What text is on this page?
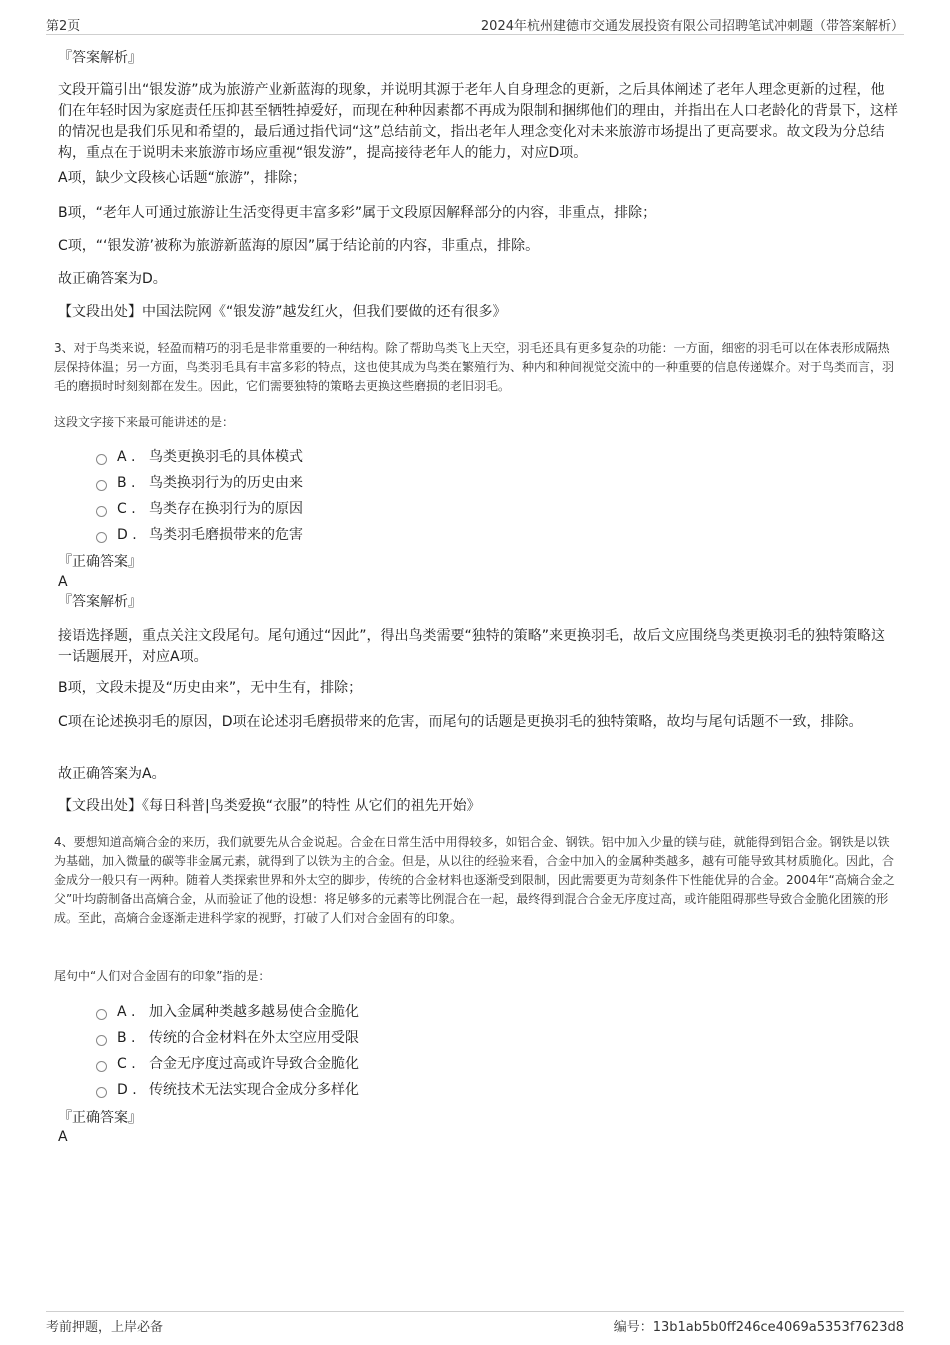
第2页	2024年杭州建德市交通发展投资有限公司招聘笔试冲刺题（带答案解析）
『答案解析』
文段开篇引出“银发游”成为旅游产业新蓝海的现象，并说明其源于老年人自身理念的更新，之后具体阐述了老年人理念更新的过程，他们在年轻时因为家庭责任压抑甚至牺牲掉爱好，而现在种种因素都不再成为限制和捆绑他们的理由，并指出在人口老龄化的背景下，这样的情况也是我们乐见和希望的，最后通过指代词“这”总结前文，指出老年人理念变化对未来旅游市场提出了更高要求。故文段为分总结构，重点在于说明未来旅游市场应重视“银发游”，提高接待老年人的能力，对应D项。
A项，缺少文段核心话题“旅游”，排除；
B项，“老年人可通过旅游让生活变得更丰富多彩”属于文段原因解释部分的内容，非重点，排除；
C项，“‘银发游’被称为旅游新蓝海的原因”属于结论前的内容，非重点，排除。
故正确答案为D。
【文段出处】中国法院网《“银发游”越发红火，但我们要做的还有很多》
3、对于鸟类来说，轻盈而精巧的羽毛是非常重要的一种结构。除了帮助鸟类飞上天空，羽毛还具有更多复杂的功能：一方面，细密的羽毛可以在体表形成隔热层保持体温；另一方面，鸟类羽毛具有丰富多彩的特点，这也使其成为鸟类在繁殖行为、种内和种间视觉交流中的一种重要的信息传递媒介。对于鸟类而言，羽毛的磨损时时刻刻都在发生。因此，它们需要独特的策略去更换这些磨损的老旧羽毛。
这段文字接下来最可能讲述的是：
A . 鸟类更换羽毛的具体模式
B . 鸟类换羽行为的历史由来
C . 鸟类存在换羽行为的原因
D . 鸟类羽毛磨损带来的危害
『正确答案』
A
『答案解析』
接语选择题，重点关注文段尾句。尾句通过“因此”，得出鸟类需要“独特的策略”来更换羽毛，故后文应围绕鸟类更换羽毛的独特策略这一话题展开，对应A项。
B项，文段未提及“历史由来”，无中生有，排除；
C项在论述换羽毛的原因，D项在论述羽毛磨损带来的危害，而尾句的话题是更换羽毛的独特策略，故均与尾句话题不一致，排除。
故正确答案为A。
【文段出处】《每日科普|鸟类爱换“衣服”的特性 从它们的祖先开始》
4、要想知道高熵合金的来历，我们就要先从合金说起。合金在日常生活中用得较多，如铝合金、钢铁。铝中加入少量的镁与硅，就能得到铝合金。钢铁是以铁为基础，加入微量的碳等非金属元素，就得到了以铁为主的合金。但是，从以往的经验来看，合金中加入的金属种类越多，越有可能导致其材质脆化。因此，合金成分一般只有一两种。随着人类探索世界和外太空的脚步，传统的合金材料也逐渐受到限制，因此需要更为苛刻条件下性能优异的合金。2004年“高熵合金之父”叶均蔚制备出高熵合金，从而验证了他的设想：将足够多的元素等比例混合在一起，最终得到混合合金无序度过高，或许能阻碍那些导致合金脆化团簇的形成。至此，高熵合金逐渐走进科学家的视野，打破了人们对合金固有的印象。
尾句中“人们对合金固有的印象”指的是：
A . 加入金属种类越多越易使合金脆化
B . 传统的合金材料在外太空应用受限
C . 合金无序度过高或许导致合金脆化
D . 传统技术无法实现合金成分多样化
『正确答案』
A
考前押题，上岸必备	编号：13b1ab5b0ff246ce4069a5353f7623d8
